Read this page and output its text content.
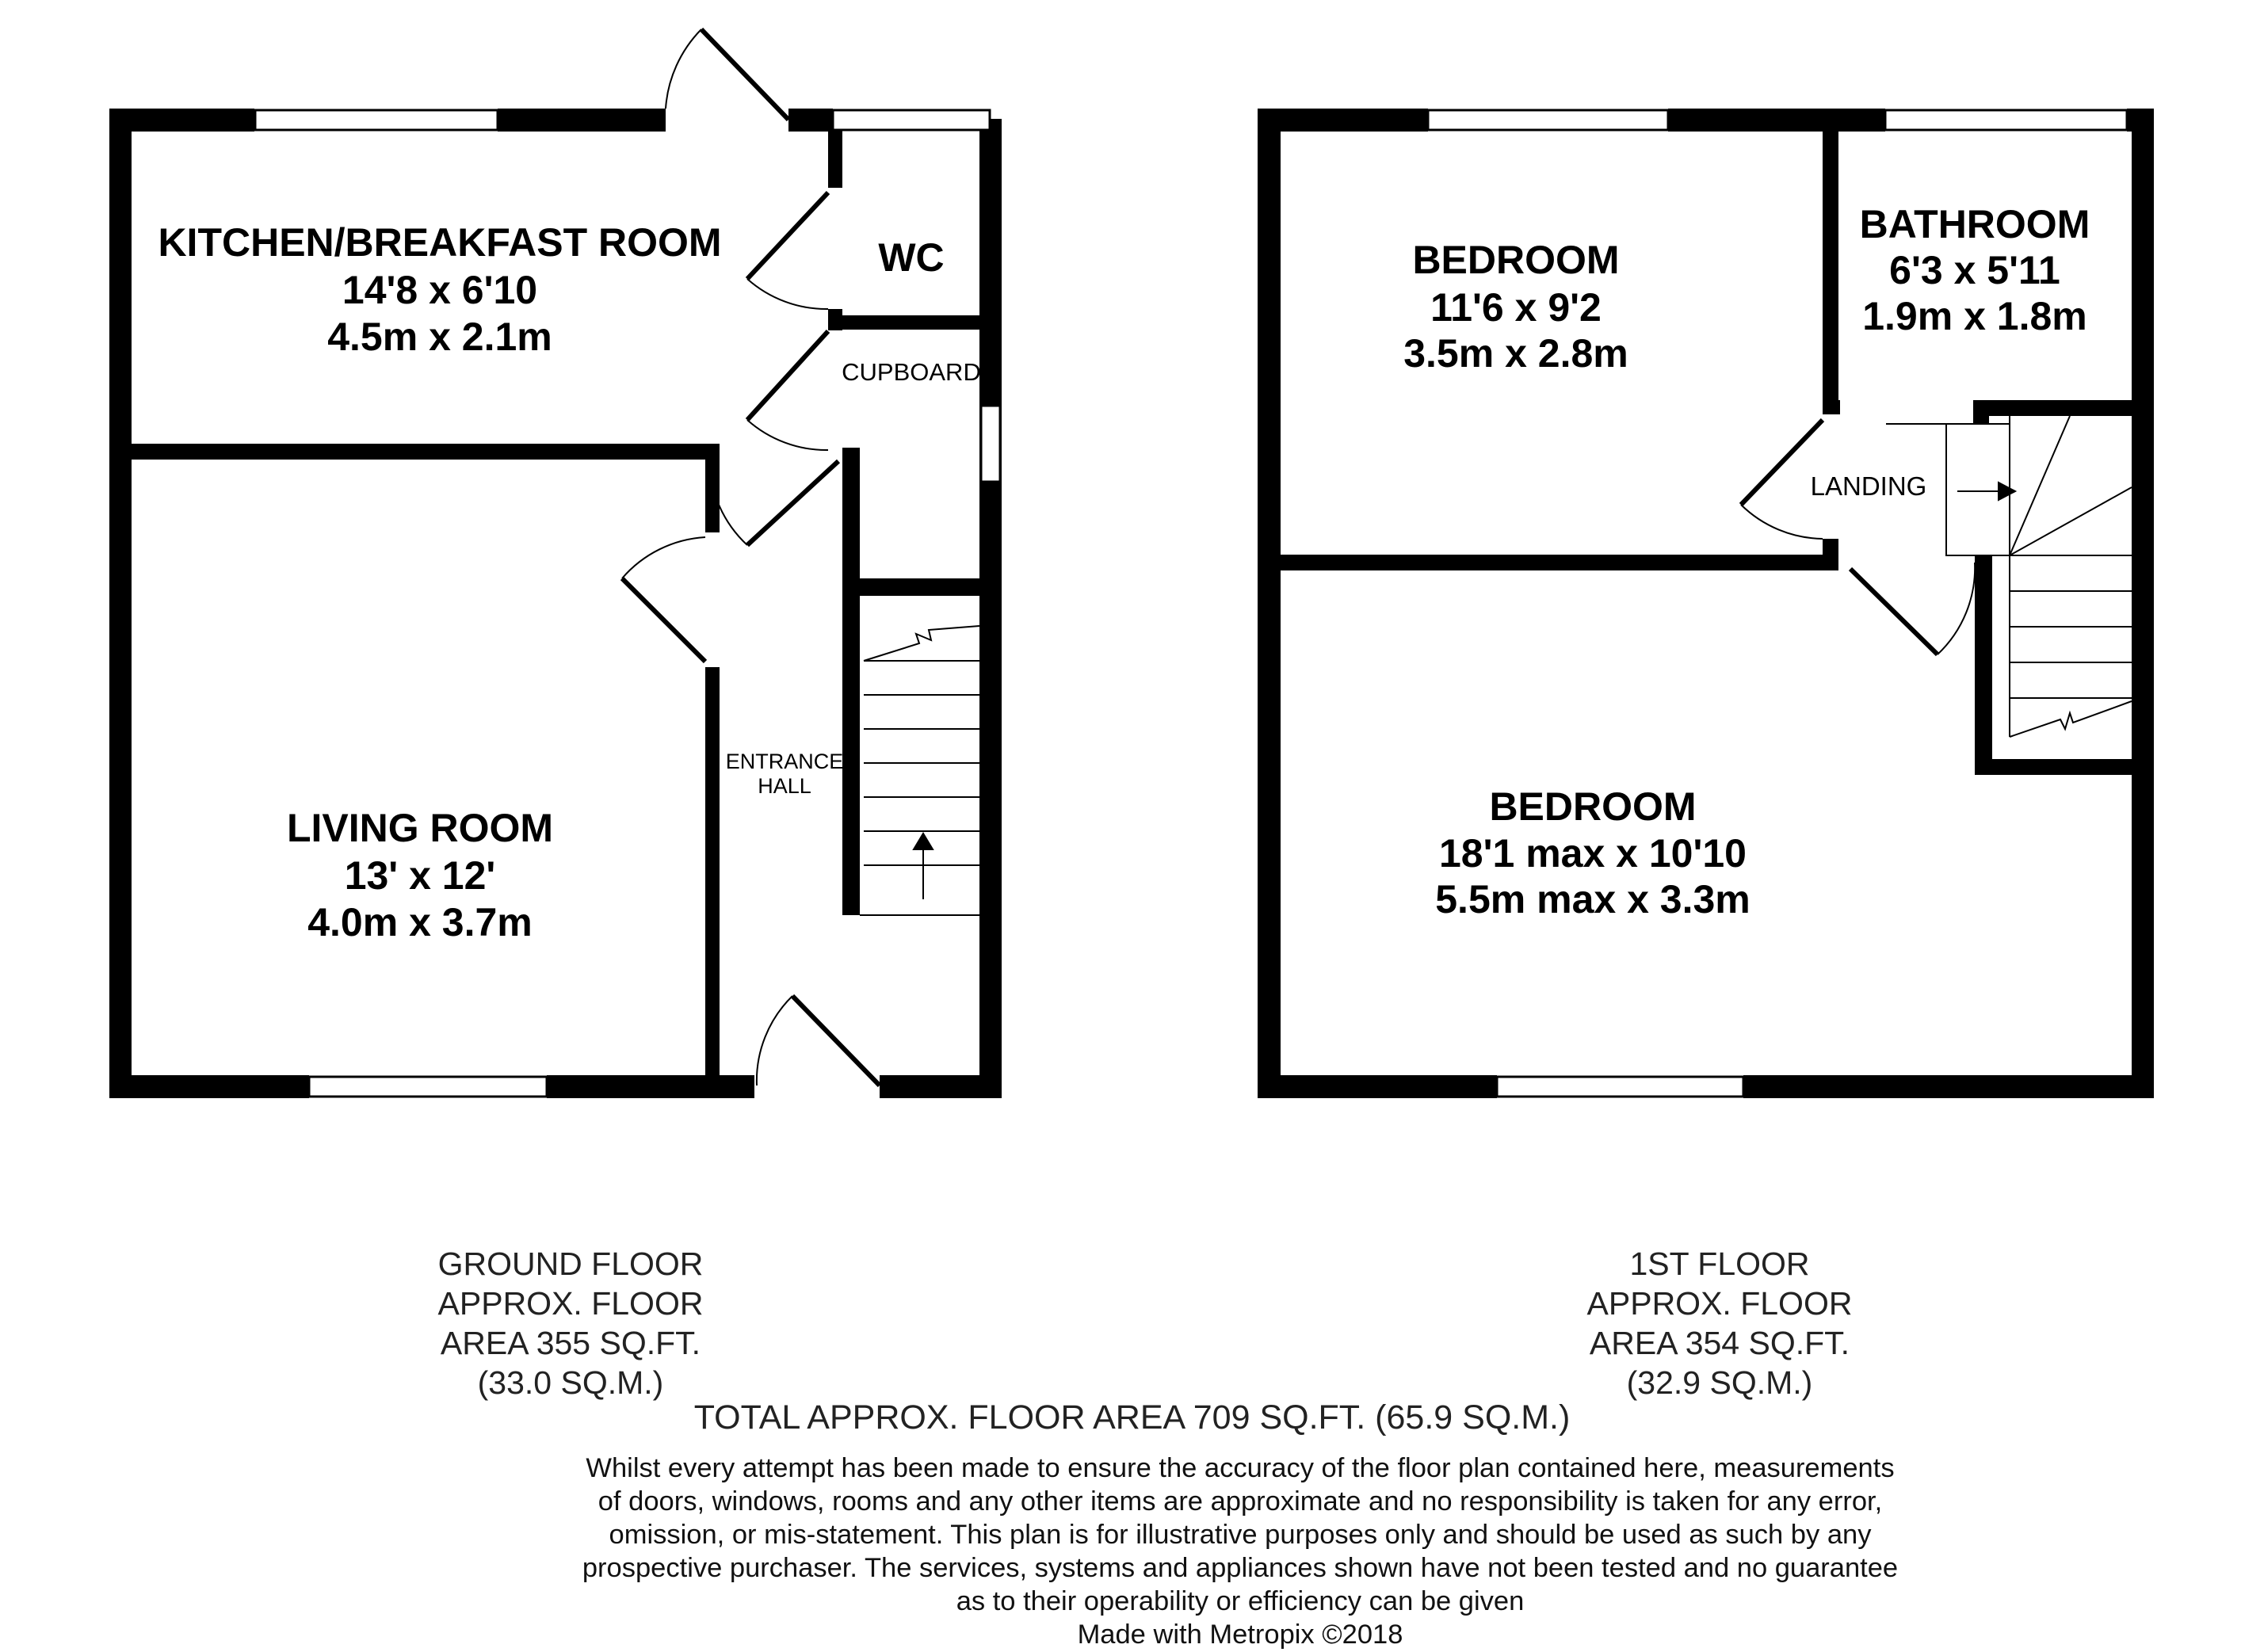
KITCHEN/BREAKFAST ROOM
14'8 x 6'10
4.5m x 2.1m
WC
CUPBOARD
LIVING ROOM
13' x 12'
4.0m x 3.7m
ENTRANCE
HALL
BEDROOM
11'6 x 9'2
3.5m x 2.8m
BATHROOM
6'3 x 5'11
1.9m x 1.8m
LANDING
BEDROOM
18'1 max x 10'10
5.5m max x 3.3m
GROUND FLOOR
APPROX. FLOOR
AREA 355 SQ.FT.
(33.0 SQ.M.)
1ST FLOOR
APPROX. FLOOR
AREA 354 SQ.FT.
(32.9 SQ.M.)
TOTAL APPROX. FLOOR AREA 709 SQ.FT. (65.9 SQ.M.)
Whilst every attempt has been made to ensure the accuracy of the floor plan contained here, measurements
of doors, windows, rooms and any other items are approximate and no responsibility is taken for any error,
omission, or mis-statement. This plan is for illustrative purposes only and should be used as such by any
prospective purchaser. The services, systems and appliances shown have not been tested and no guarantee
as to their operability or efficiency can be given
Made with Metropix ©2018
